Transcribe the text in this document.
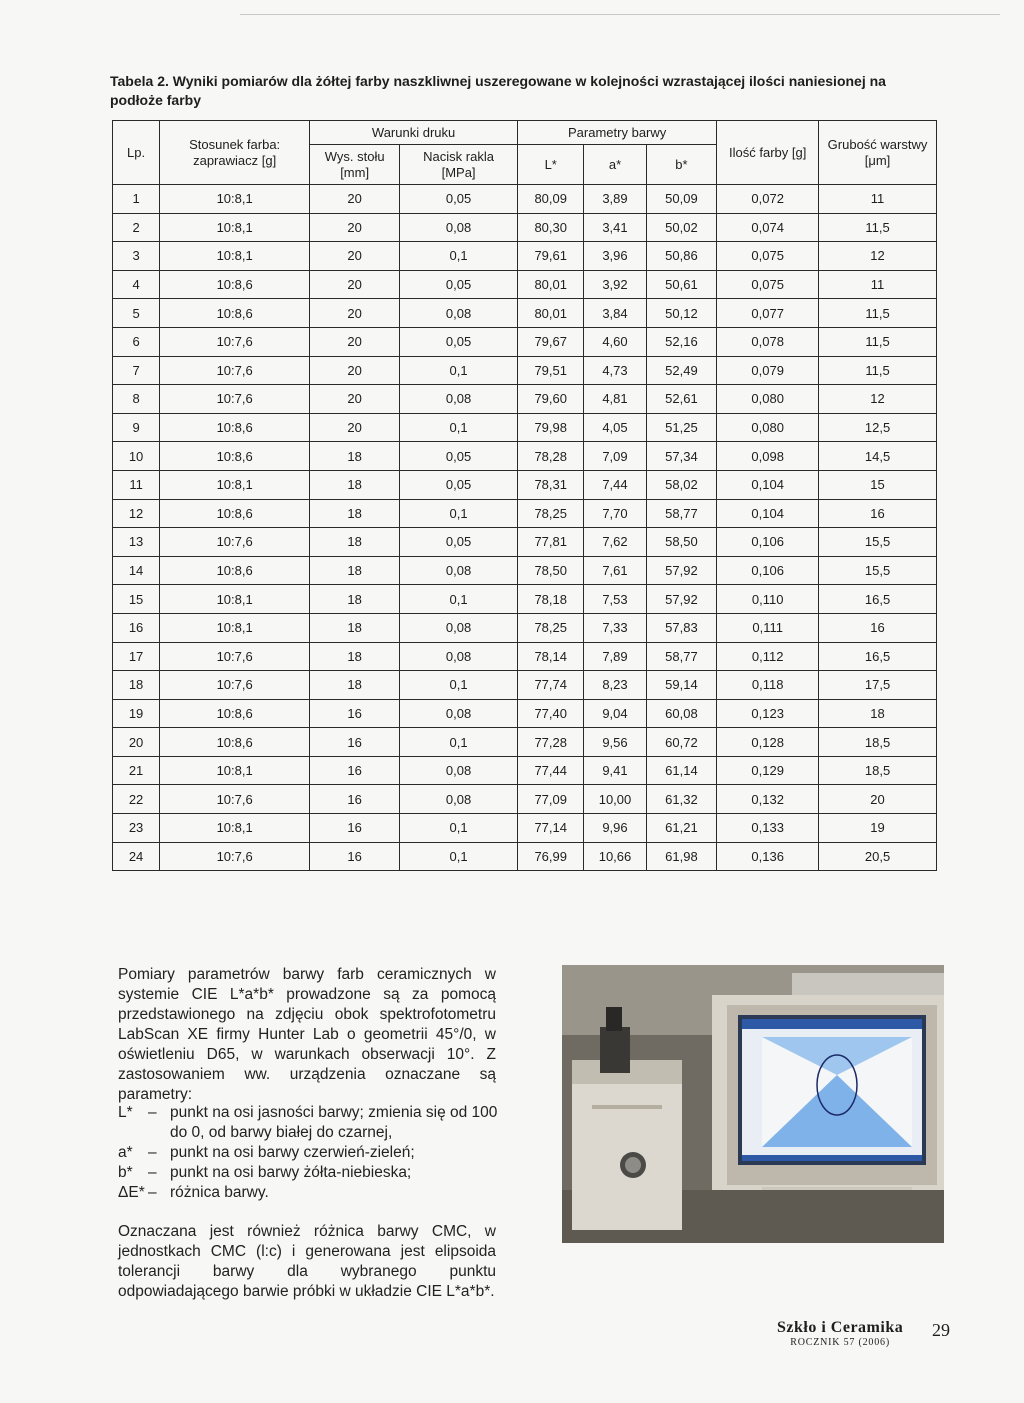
Tabela 2. Wyniki pomiarów dla żółtej farby naszkliwnej uszeregowane w kolejności wzrastającej ilości naniesionej na podłoże farby
Lp.	Stosunek farba: zaprawiacz [g]	Warunki druku		Parametry barwy			Ilość farby [g]	Grubość warstwy [μm]
		Wys. stołu [mm]	Nacisk rakla [MPa]	L*	a*	b*		
1	10:8,1	20	0,05	80,09	3,89	50,09	0,072	11
2	10:8,1	20	0,08	80,30	3,41	50,02	0,074	11,5
3	10:8,1	20	0,1	79,61	3,96	50,86	0,075	12
4	10:8,6	20	0,05	80,01	3,92	50,61	0,075	11
5	10:8,6	20	0,08	80,01	3,84	50,12	0,077	11,5
6	10:7,6	20	0,05	79,67	4,60	52,16	0,078	11,5
7	10:7,6	20	0,1	79,51	4,73	52,49	0,079	11,5
8	10:7,6	20	0,08	79,60	4,81	52,61	0,080	12
9	10:8,6	20	0,1	79,98	4,05	51,25	0,080	12,5
10	10:8,6	18	0,05	78,28	7,09	57,34	0,098	14,5
11	10:8,1	18	0,05	78,31	7,44	58,02	0,104	15
12	10:8,6	18	0,1	78,25	7,70	58,77	0,104	16
13	10:7,6	18	0,05	77,81	7,62	58,50	0,106	15,5
14	10:8,6	18	0,08	78,50	7,61	57,92	0,106	15,5
15	10:8,1	18	0,1	78,18	7,53	57,92	0,110	16,5
16	10:8,1	18	0,08	78,25	7,33	57,83	0,111	16
17	10:7,6	18	0,08	78,14	7,89	58,77	0,112	16,5
18	10:7,6	18	0,1	77,74	8,23	59,14	0,118	17,5
19	10:8,6	16	0,08	77,40	9,04	60,08	0,123	18
20	10:8,6	16	0,1	77,28	9,56	60,72	0,128	18,5
21	10:8,1	16	0,08	77,44	9,41	61,14	0,129	18,5
22	10:7,6	16	0,08	77,09	10,00	61,32	0,132	20
23	10:8,1	16	0,1	77,14	9,96	61,21	0,133	19
24	10:7,6	16	0,1	76,99	10,66	61,98	0,136	20,5
Pomiary parametrów barwy farb ceramicznych w systemie CIE L*a*b* prowadzone są za pomocą przedstawionego na zdjęciu obok spektrofotometru LabScan XE firmy Hunter Lab o geometrii 45°/0, w oświetleniu D65, w warunkach obserwacji 10°. Z zastosowaniem ww. urządzenia oznaczane są parametry:
L* – punkt na osi jasności barwy; zmienia się od 100 do 0, od barwy białej do czarnej,
a* – punkt na osi barwy czerwień-zieleń;
b* – punkt na osi barwy żółta-niebieska;
ΔE* – różnica barwy.
Oznaczana jest również różnica barwy CMC, w jednostkach CMC (l:c) i generowana jest elipsoida tolerancji barwy dla wybranego punktu odpowiadającego barwie próbki w układzie CIE L*a*b*.
Szkło i Ceramika
ROCZNIK 57 (2006)
29
